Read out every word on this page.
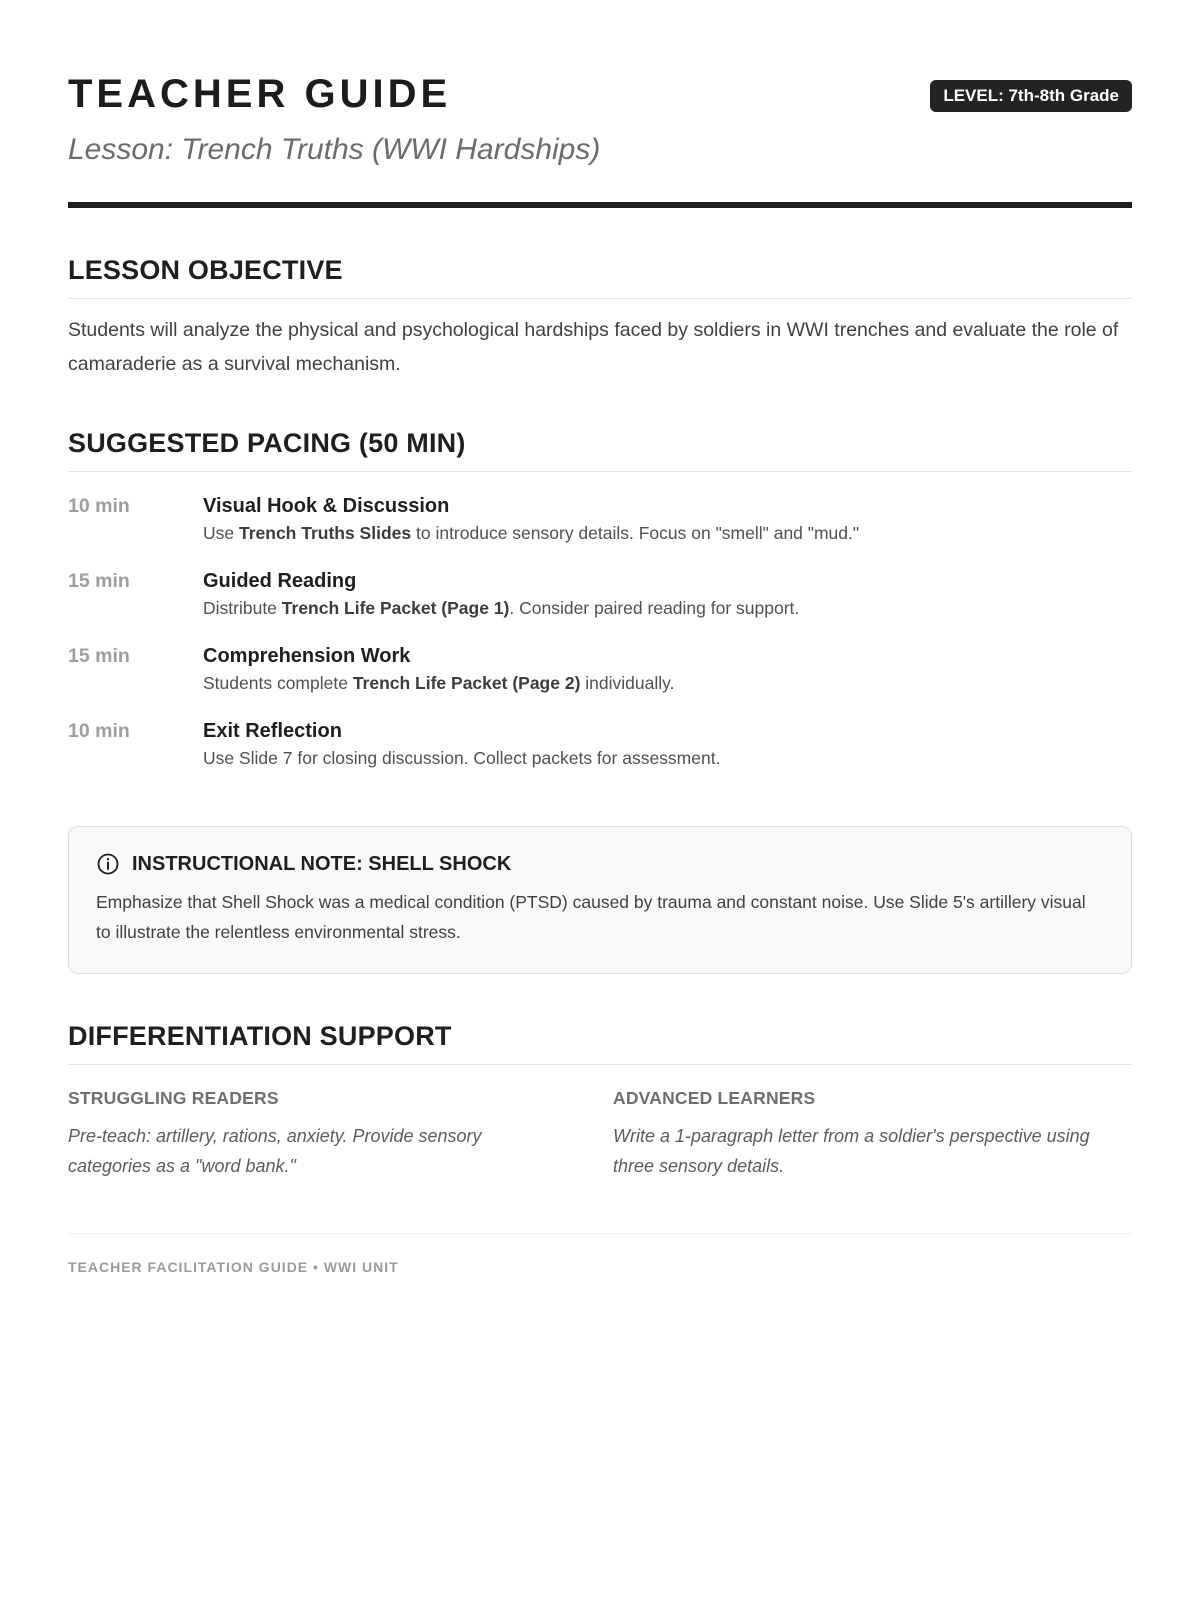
TEACHER GUIDE	LEVEL: 7th-8th Grade
Lesson: Trench Truths (WWI Hardships)
LESSON OBJECTIVE

Students will analyze the physical and psychological hardships faced by soldiers in WWI trenches and evaluate the role of camaraderie as a survival mechanism.

SUGGESTED PACING (50 MIN)
10 min	Visual Hook & Discussion
Use Trench Truths Slides to introduce sensory details. Focus on "smell" and "mud."
15 min	Guided Reading
Distribute Trench Life Packet (Page 1). Consider paired reading for support.
15 min	Comprehension Work
Students complete Trench Life Packet (Page 2) individually.
10 min	Exit Reflection
Use Slide 7 for closing discussion. Collect packets for assessment.
INSTRUCTIONAL NOTE: SHELL SHOCK

Emphasize that Shell Shock was a medical condition (PTSD) caused by trauma and constant noise. Use Slide 5's artillery visual to illustrate the relentless environmental stress.

DIFFERENTIATION SUPPORT
STRUGGLING READERS

Pre-teach: artillery, rations, anxiety. Provide sensory categories as a "word bank."

ADVANCED LEARNERS

Write a 1-paragraph letter from a soldier's perspective using three sensory details.

TEACHER FACILITATION GUIDE • WWI UNIT
